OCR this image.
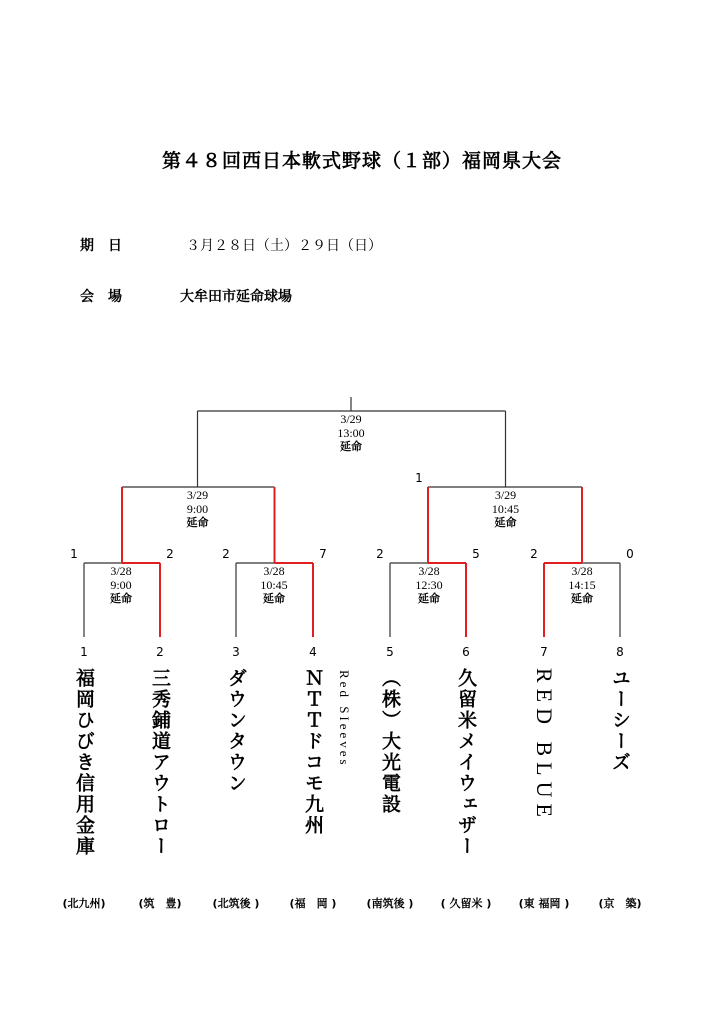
第４８回西日本軟式野球（１部）福岡県大会
期　日	３月２８日（土）２９日（日）
会　場	大牟田市延命球場
3/28
9:00
延命
1	2
3/28
10:45
延命
2	7
3/28
12:30
延命
2	5
3/28
14:15
延命
2	0
3/29
9:00
延命
3/29
10:45
延命
1
3/29
13:00
延命
1
福岡ひびき信用金庫
(北九州)
2
三秀鋪道アウトロー
(筑　豊)
3
ダウンタウン
(北筑後 )
4
ＮＴＴドコモ九州 Red SIeeves
(福　岡 )
5
（株）大光電設
(南筑後 )
6
久留米メイウェザー
( 久留米 )
7
RED BLUE
(東 福岡 )
8
ユーシーズ
(京　築)
